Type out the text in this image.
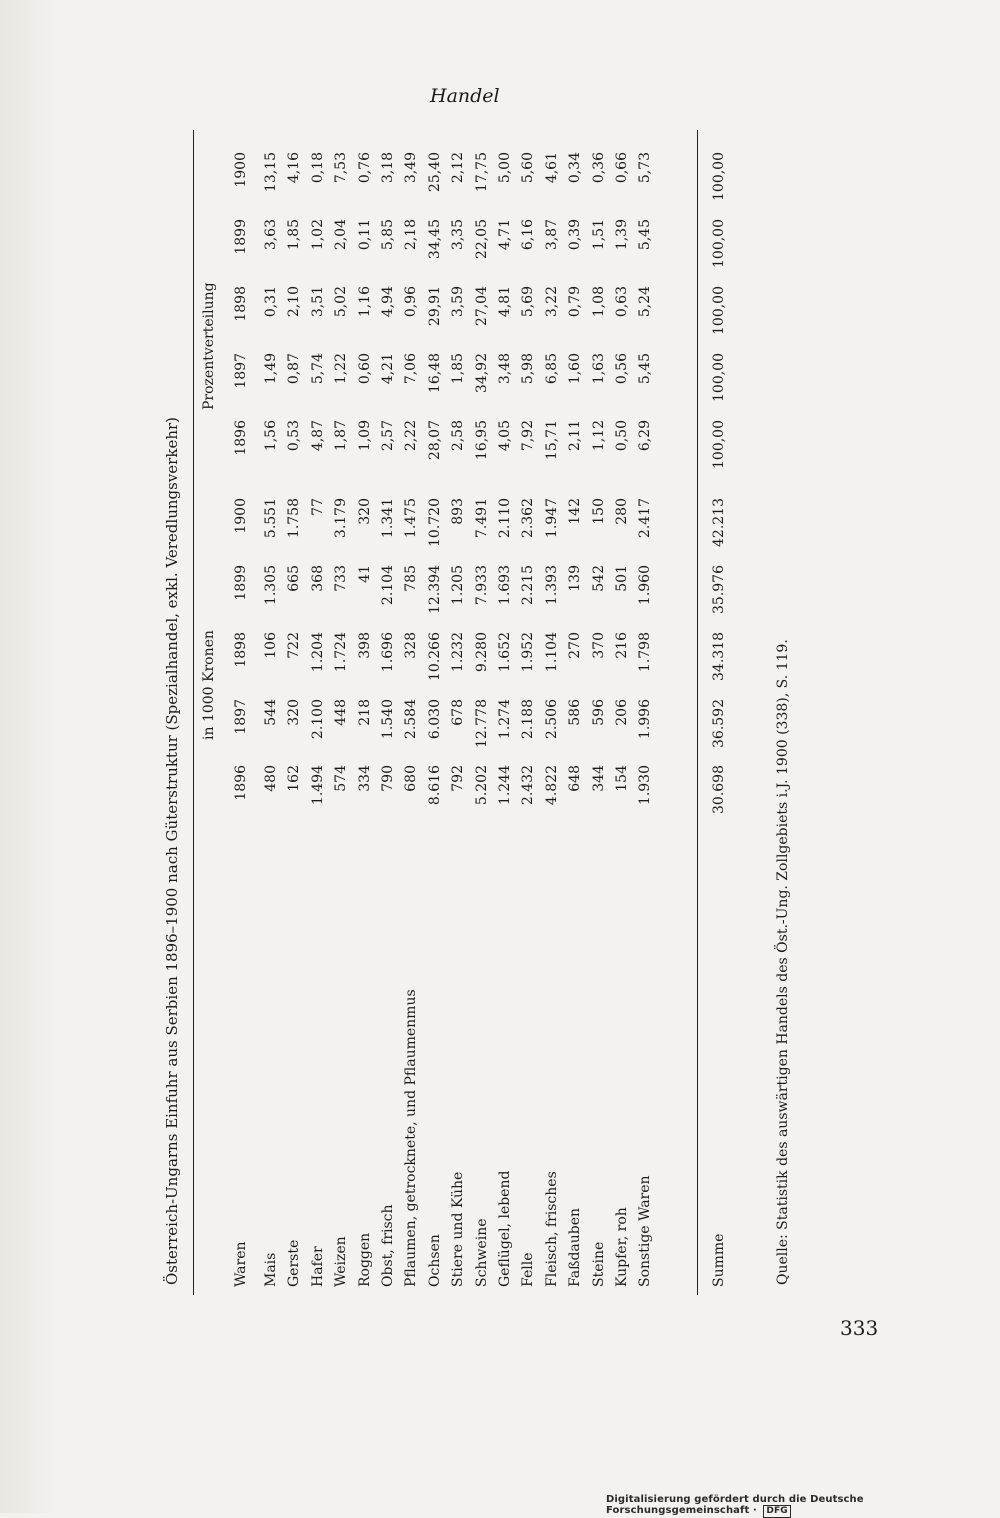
Handel
Österreich-Ungarns Einfuhr aus Serbien 1896–1900 nach Güterstruktur (Spezialhandel, exkl. Veredlungsverkehr)	Waren
in 1000 Kronen
Prozentverteilung
1896
1896
1897
1897
1898
1898
1899
1899
1900
1900
Mais
480
544
106
1.305
5.551
1,56
1,49
0,31
3,63
13,15
Gerste
162
320
722
665
1.758
0,53
0,87
2,10
1,85
4,16
Hafer
1.494
2.100
1.204
368
77
4,87
5,74
3,51
1,02
0,18
Weizen
574
448
1.724
733
3.179
1,87
1,22
5,02
2,04
7,53
Roggen
334
218
398
41
320
1,09
0,60
1,16
0,11
0,76
Obst, frisch
790
1.540
1.696
2.104
1.341
2,57
4,21
4,94
5,85
3,18
Pflaumen, getrocknete, und Pflaumenmus
680
2.584
328
785
1.475
2,22
7,06
0,96
2,18
3,49
Ochsen
8.616
6.030
10.266
12.394
10.720
28,07
16,48
29,91
34,45
25,40
Stiere und Kühe
792
678
1.232
1.205
893
2,58
1,85
3,59
3,35
2,12
Schweine
5.202
12.778
9.280
7.933
7.491
16,95
34,92
27,04
22,05
17,75
Geflügel, lebend
1.244
1.274
1.652
1.693
2.110
4,05
3,48
4,81
4,71
5,00
Felle
2.432
2.188
1.952
2.215
2.362
7,92
5,98
5,69
6,16
5,60
Fleisch, frisches
4.822
2.506
1.104
1.393
1.947
15,71
6,85
3,22
3,87
4,61
Faßdauben
648
586
270
139
142
2,11
1,60
0,79
0,39
0,34
Steine
344
596
370
542
150
1,12
1,63
1,08
1,51
0,36
Kupfer, roh
154
206
216
501
280
0,50
0,56
0,63
1,39
0,66
Sonstige Waren
1.930
1.996
1.798
1.960
2.417
6,29
5,45
5,24
5,45
5,73
Summe
30.698
36.592
34.318
35.976
42.213
100,00
100,00
100,00
100,00
100,00
Quelle: Statistik des auswärtigen Handels des Öst.-Ung. Zollgebiets i.J. 1900 (338), S. 119.
333
Digitalisierung gefördert durch die Deutsche Forschungsgemeinschaft · DFG
